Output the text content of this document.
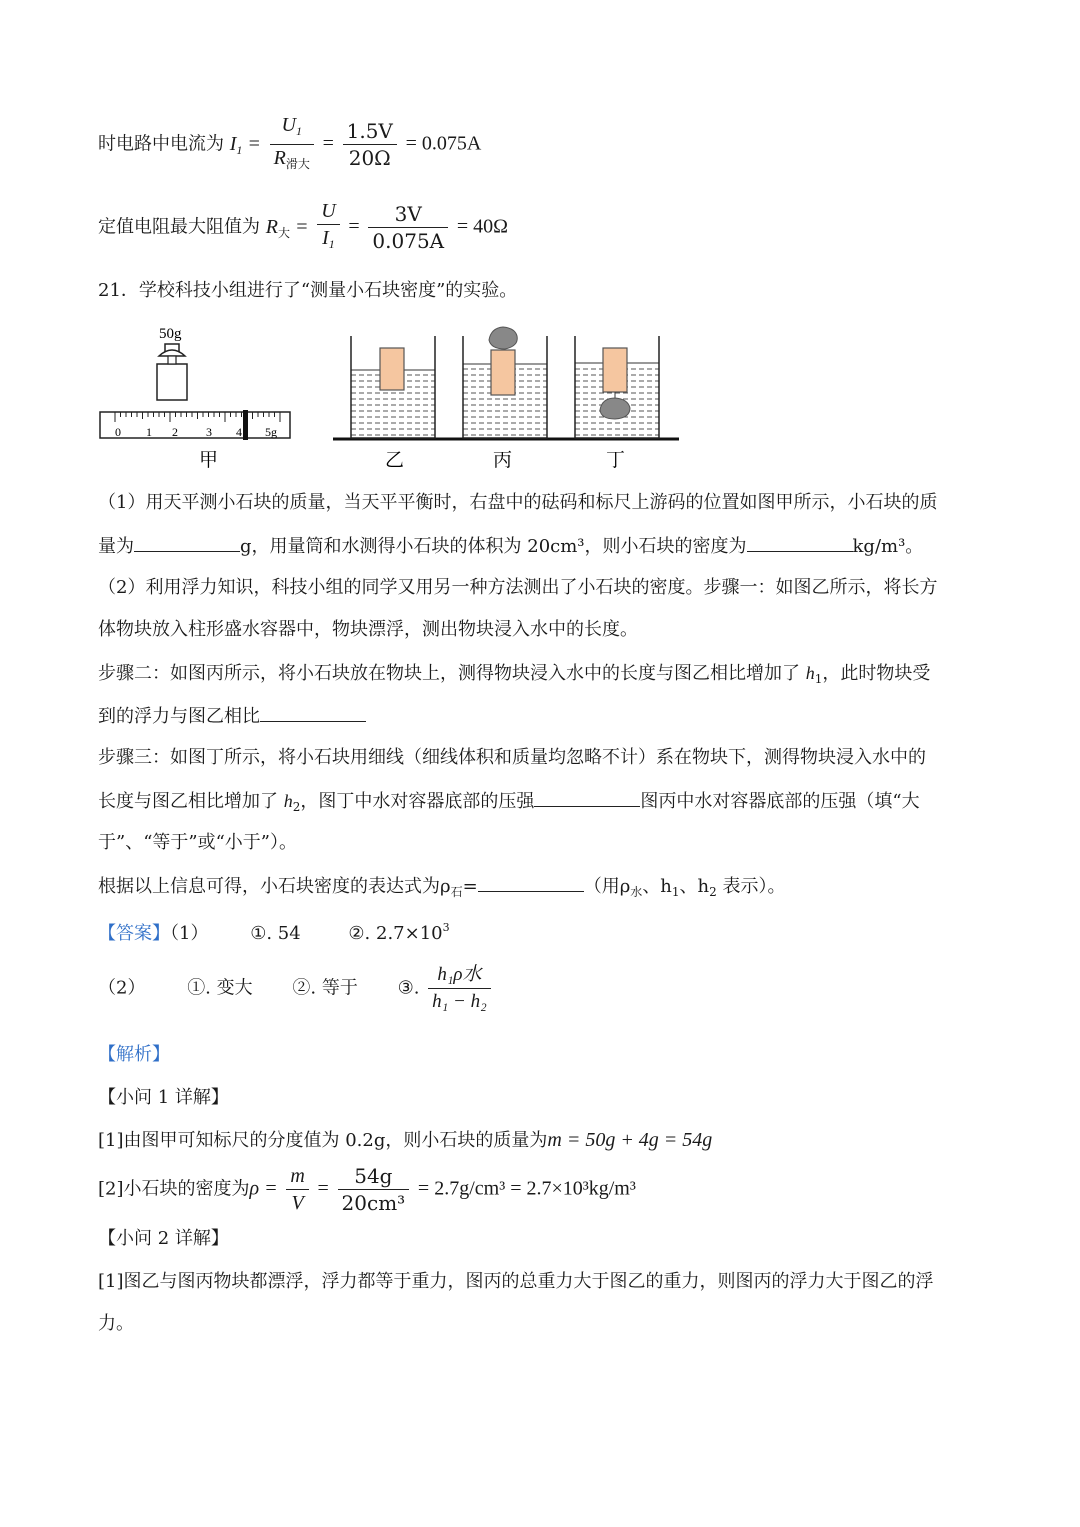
时电路中电流为 $I_1 = \frac{U_1}{R_{滑大}} = \frac{1.5V}{20\Omega} = 0.075A$
定值电阻最大阻值为 $R_大 = \frac{U}{I_1} = \frac{3V}{0.075A} = 40\Omega$
21．学校科技小组进行了“测量小石块密度”的实验。
50g
0 1 2 3 4 5g
甲	乙	丙	丁
（1）用天平测小石块的质量，当天平平衡时，右盘中的砝码和标尺上游码的位置如图甲所示，小石块的质
量为	g，用量筒和水测得小石块的体积为 20cm³，则小石块的密度为	kg/m³。
（2）利用浮力知识，科技小组的同学又用另一种方法测出了小石块的密度。步骤一：如图乙所示，将长方
体物块放入柱形盛水容器中，物块漂浮，测出物块浸入水中的长度。
步骤二：如图丙所示，将小石块放在物块上，测得物块浸入水中的长度与图乙相比增加了 $h_1$，此时物块受
到的浮力与图乙相比
步骤三：如图丁所示，将小石块用细线（细线体积和质量均忽略不计）系在物块下，测得物块浸入水中的
长度与图乙相比增加了 $h_2$，图丁中水对容器底部的压强	图丙中水对容器底部的压强（填“大
于”、“等于”或“小于”）。
根据以上信息可得，小石块密度的表达式为$\rho_石=$	（用$\rho_水$、$h_1$、$h_2$ 表示）。
【答案】（1） ①. 54	②. $2.7\times 10^3$
（2） ①. 变大 ②. 等于 ③. $\frac{\text{h₁ρ水}}{\text{h₁ − h₂}}$
【解析】
【小问 1 详解】
[1]由图甲可知标尺的分度值为 0.2g，则小石块的质量为m = 50g + 4g = 54g
[2]小石块的密度为$\rho = \frac{m}{V} = \frac{54g}{\text{20cm³}} = 2.7g/cm^3 = 2.7\times 10^3kg/m^3$
【小问 2 详解】
[1]图乙与图丙物块都漂浮，浮力都等于重力，图丙的总重力大于图乙的重力，则图丙的浮力大于图乙的浮
力。
